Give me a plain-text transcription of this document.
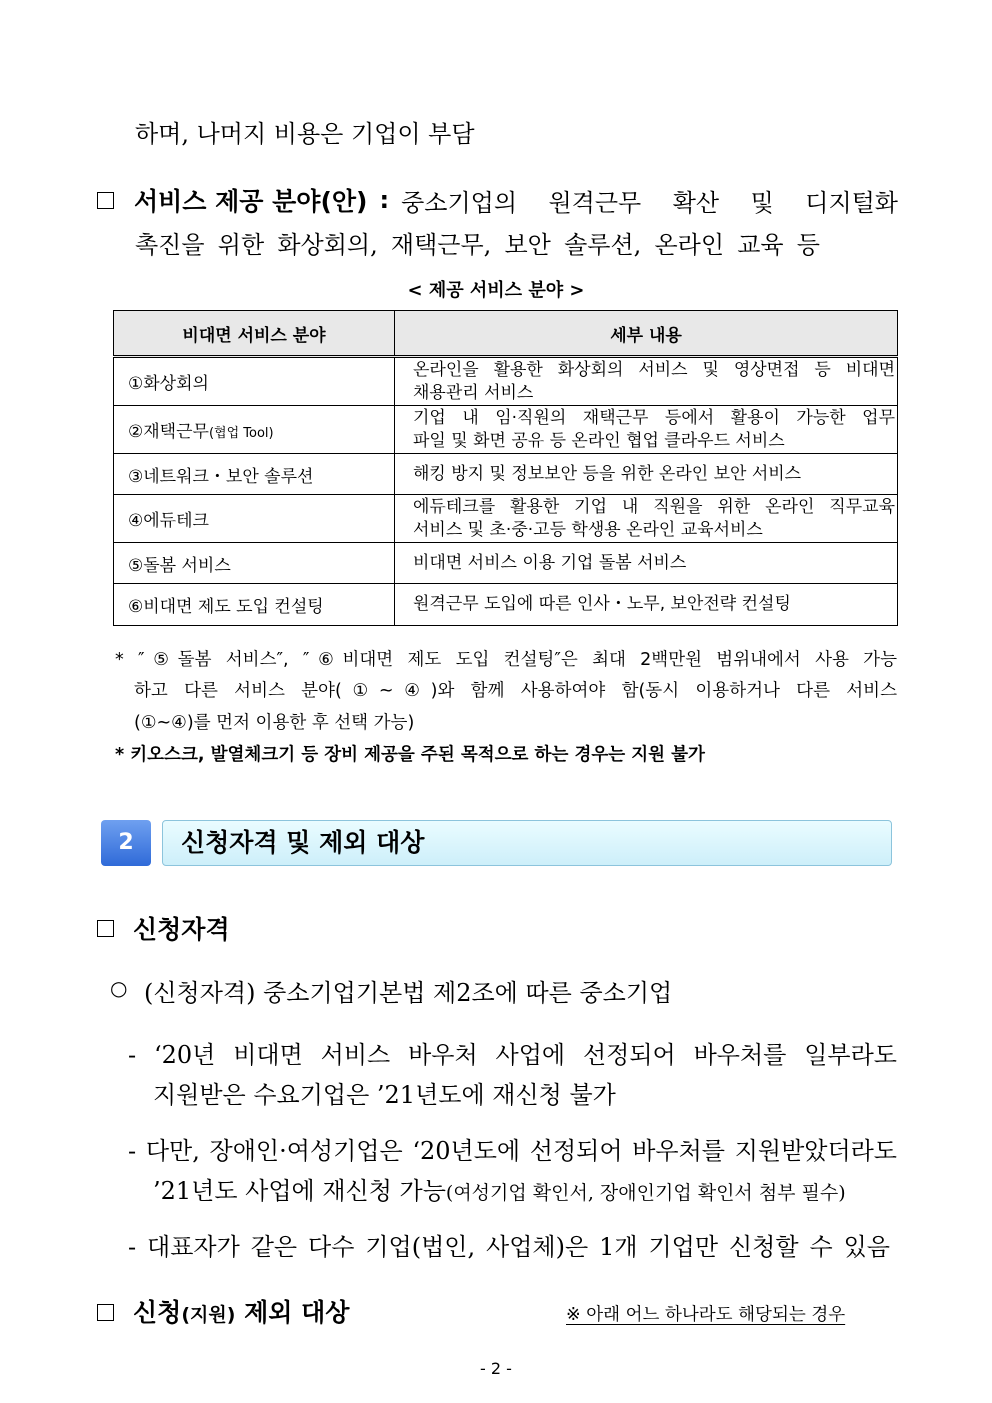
하며, 나머지 비용은 기업이 부담
서비스 제공 분야(안) : 중소기업의 원격근무 확산 및 디지털화
촉진을 위한 화상회의, 재택근무, 보안 솔루션, 온라인 교육 등
< 제공 서비스 분야 >
비대면 서비스 분야	세부 내용
①화상회의	온라인을 활용한 화상회의 서비스 및 영상면접 등 비대면
채용관리 서비스

②재택근무(협업 Tool)	기업 내 임·직원의 재택근무 등에서 활용이 가능한 업무
파일 및 화면 공유 등 온라인 협업 클라우드 서비스

③네트워크・보안 솔루션	해킹 방지 및 정보보안 등을 위한 온라인 보안 서비스

④에듀테크	에듀테크를 활용한 기업 내 직원을 위한 온라인 직무교육
서비스 및 초·중·고등 학생용 온라인 교육서비스

⑤돌봄 서비스	비대면 서비스 이용 기업 돌봄 서비스

⑥비대면 제도 도입 컨설팅	원격근무 도입에 따른 인사・노무, 보안전략 컨설팅
* ″⑤돌봄 서비스″, ″⑥비대면 제도 도입 컨설팅″은 최대 2백만원 범위내에서 사용 가능
하고 다른 서비스 분야(①~④)와 함께 사용하여야 함(동시 이용하거나 다른 서비스
(①~④)를 먼저 이용한 후 선택 가능)
* 키오스크, 발열체크기 등 장비 제공을 주된 목적으로 하는 경우는 지원 불가
2	신청자격 및 제외 대상
신청자격
○ (신청자격) 중소기업기본법 제2조에 따른 중소기업
- ‘20년 비대면 서비스 바우처 사업에 선정되어 바우처를 일부라도
지원받은 수요기업은 ’21년도에 재신청 불가
- 다만, 장애인·여성기업은 ‘20년도에 선정되어 바우처를 지원받았더라도
’21년도 사업에 재신청 가능(여성기업 확인서, 장애인기업 확인서 첨부 필수)
- 대표자가 같은 다수 기업(법인, 사업체)은 1개 기업만 신청할 수 있음
신청(지원) 제외 대상	※ 아래 어느 하나라도 해당되는 경우
- 2 -
